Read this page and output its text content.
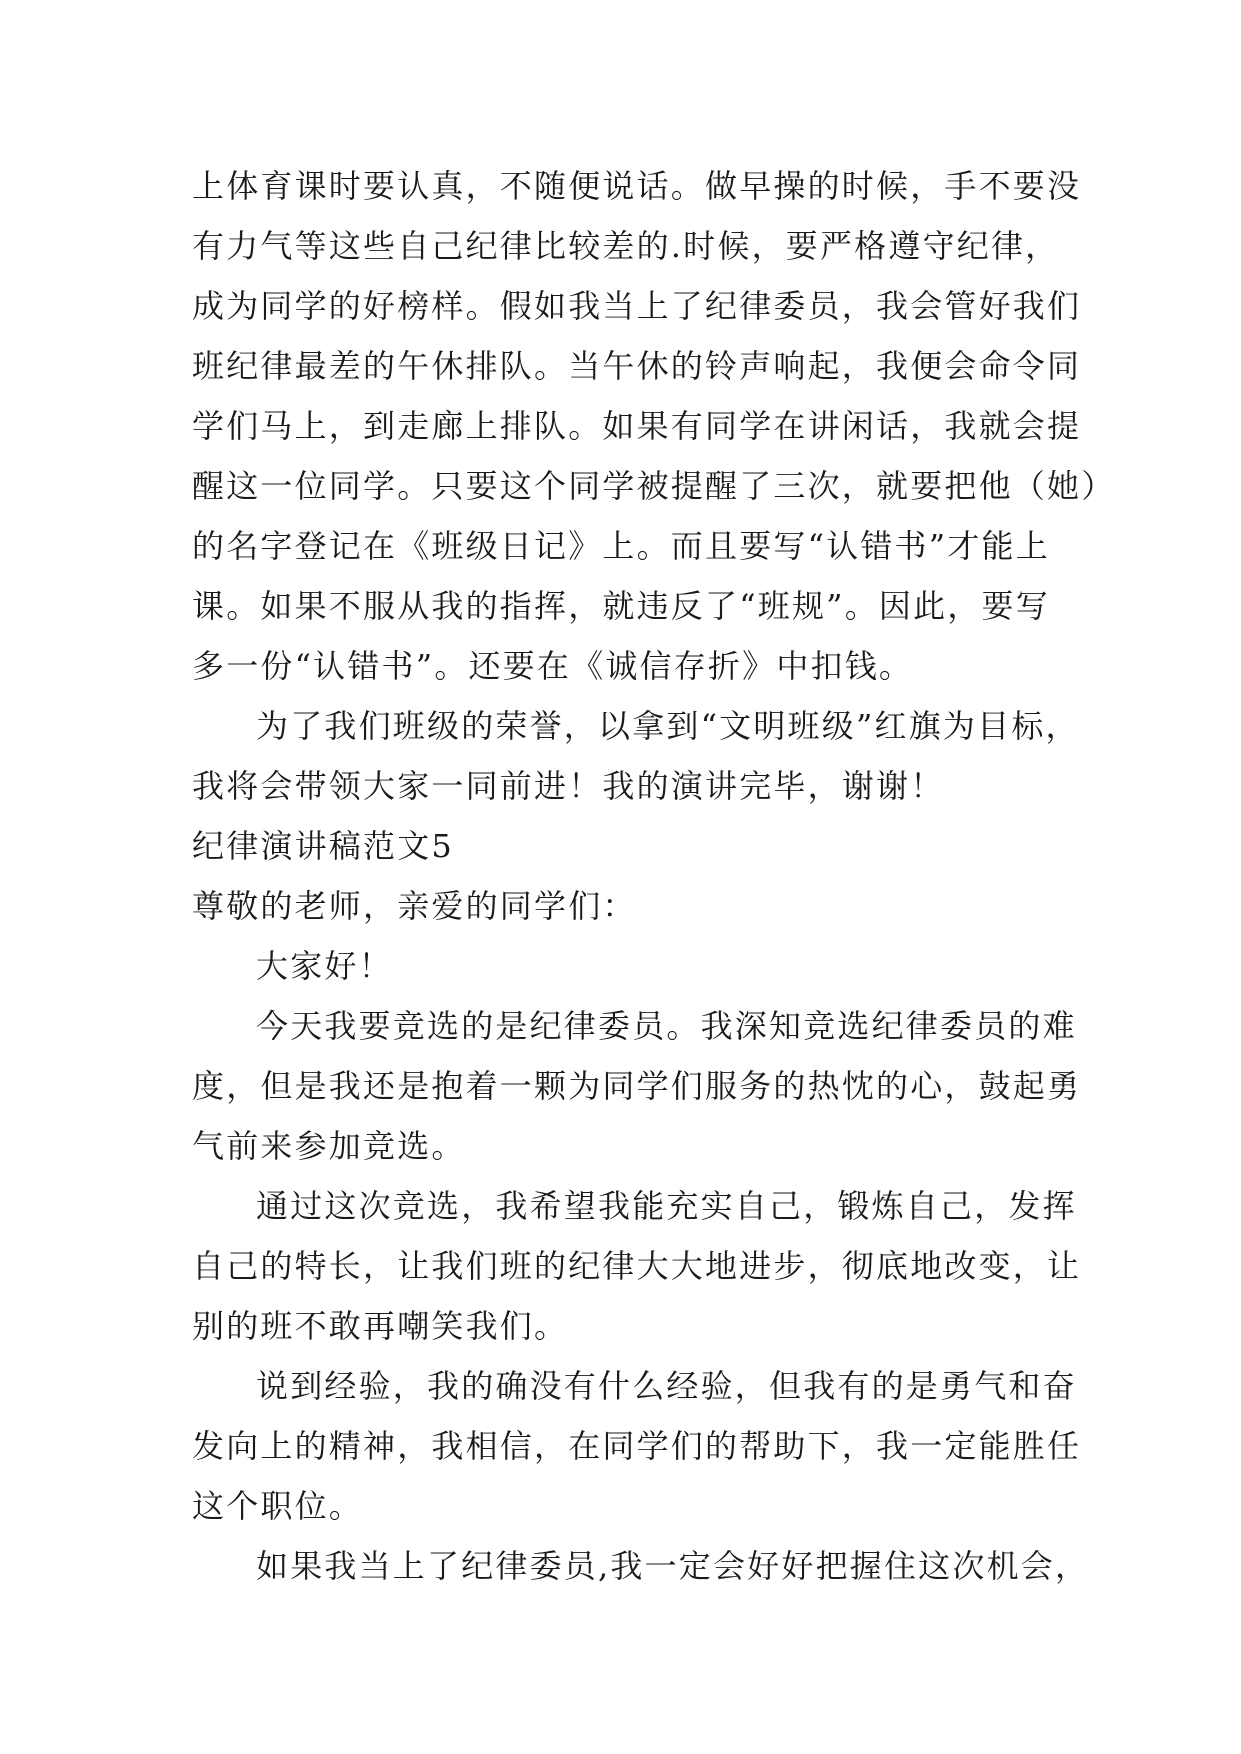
上体育课时要认真，不随便说话。做早操的时候，手不要没
有力气等这些自己纪律比较差的.时候，要严格遵守纪律，
成为同学的好榜样。假如我当上了纪律委员，我会管好我们
班纪律最差的午休排队。当午休的铃声响起，我便会命令同
学们马上，到走廊上排队。如果有同学在讲闲话，我就会提
醒这一位同学。只要这个同学被提醒了三次，就要把他（她）
的名字登记在《班级日记》上。而且要写“认错书”才能上
课。如果不服从我的指挥，就违反了“班规”。因此，要写
多一份“认错书”。还要在《诚信存折》中扣钱。
为了我们班级的荣誉，以拿到“文明班级”红旗为目标，
我将会带领大家一同前进！我的演讲完毕，谢谢！
纪律演讲稿范文5
尊敬的老师，亲爱的同学们：
大家好！
今天我要竞选的是纪律委员。我深知竞选纪律委员的难
度，但是我还是抱着一颗为同学们服务的热忱的心，鼓起勇
气前来参加竞选。
通过这次竞选，我希望我能充实自己，锻炼自己，发挥
自己的特长，让我们班的纪律大大地进步，彻底地改变，让
别的班不敢再嘲笑我们。
说到经验，我的确没有什么经验，但我有的是勇气和奋
发向上的精神，我相信，在同学们的帮助下，我一定能胜任
这个职位。
如果我当上了纪律委员,我一定会好好把握住这次机会，
